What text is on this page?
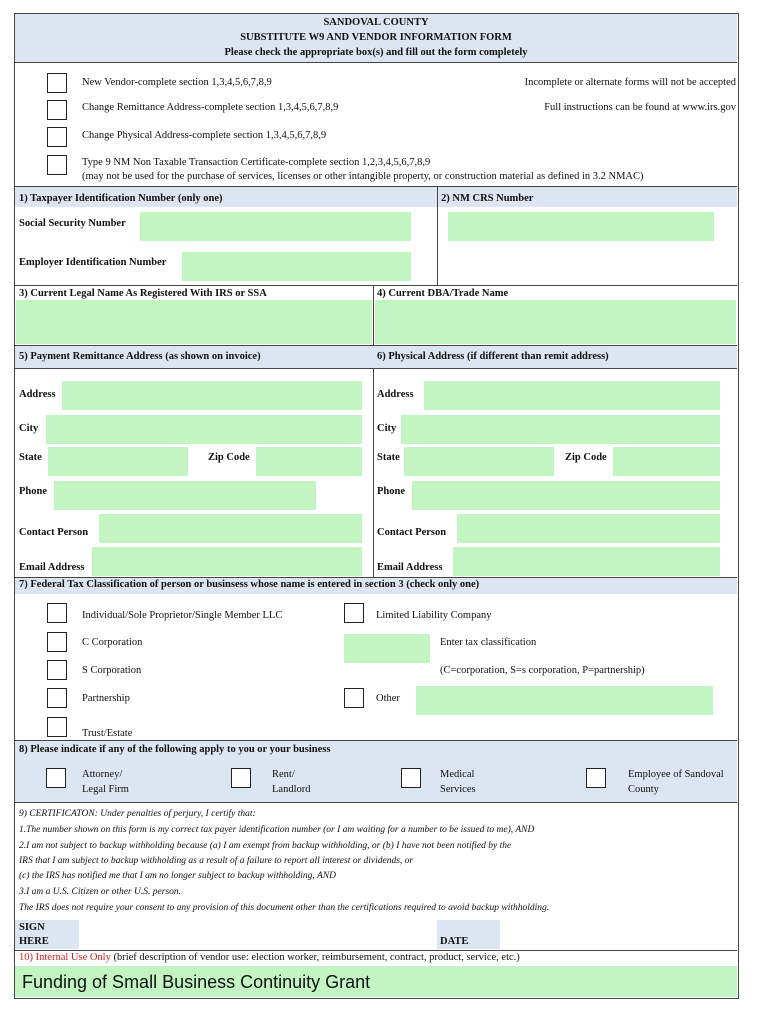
SANDOVAL COUNTY
SUBSTITUTE W9 AND VENDOR INFORMATION FORM
Please check the appropriate box(s) and fill out the form completely
New Vendor-complete section 1,3,4,5,6,7,8,9	Incomplete or alternate forms will not be accepted
Change Remittance Address-complete section 1,3,4,5,6,7,8,9	Full instructions can be found at www.irs.gov
Change Physical Address-complete section 1,3,4,5,6,7,8,9
Type 9 NM Non Taxable Transaction Certificate-complete section 1,2,3,4,5,6,7,8,9
(may not be used for the purchase of services, licenses or other intangible property, or construction material as defined in 3.2 NMAC)
1) Taxpayer Identification Number (only one)	2) NM CRS Number
Social Security Number
Employer Identification Number
3) Current Legal Name As Registered With IRS or SSA	4) Current DBA/Trade Name
5) Payment Remittance Address (as shown on invoice)	6) Physical Address (if different than remit address)
Address
City
State	Zip Code
Phone
Contact Person
Email Address
Address
City
State	Zip Code
Phone
Contact Person
Email Address
7) Federal Tax Classification of person or businsess whose name is entered in section 3 (check only one)
Individual/Sole Proprietor/Single Member LLC	Limited Liability Company
C Corporation	Enter tax classification
S Corporation	(C=corporation, S=s corporation, P=partnership)
Partnership	Other
Trust/Estate
8) Please indicate if any of the following apply to you or your business
Attorney/
Legal Firm
Rent/
Landlord
Medical
Services
Employee of Sandoval
County
9) CERTIFICATON: Under penalties of perjury, I certify that:
1.The number shown on this form is my correct tax payer identification number (or I am waiting for a number to be issued to me), AND
2.I am not subject to backup withholding because (a) I am exempt from backup withholding, or (b) I have not been notified by the
IRS that I am subject to backup withholding as a result of a failure to report all interest or dividends, or
(c) the IRS has notified me that I am no longer subject to backup withholding, AND
3.I am a U.S. Citizen or other U.S. person.
The IRS does not require your consent to any provision of this document other than the certifications required to avoid backup withholding.
SIGN
HERE	DATE
10) Internal Use Only (brief description of vendor use: election worker, reimbursement, contract, product, service, etc.)
Funding of Small Business Continuity Grant
